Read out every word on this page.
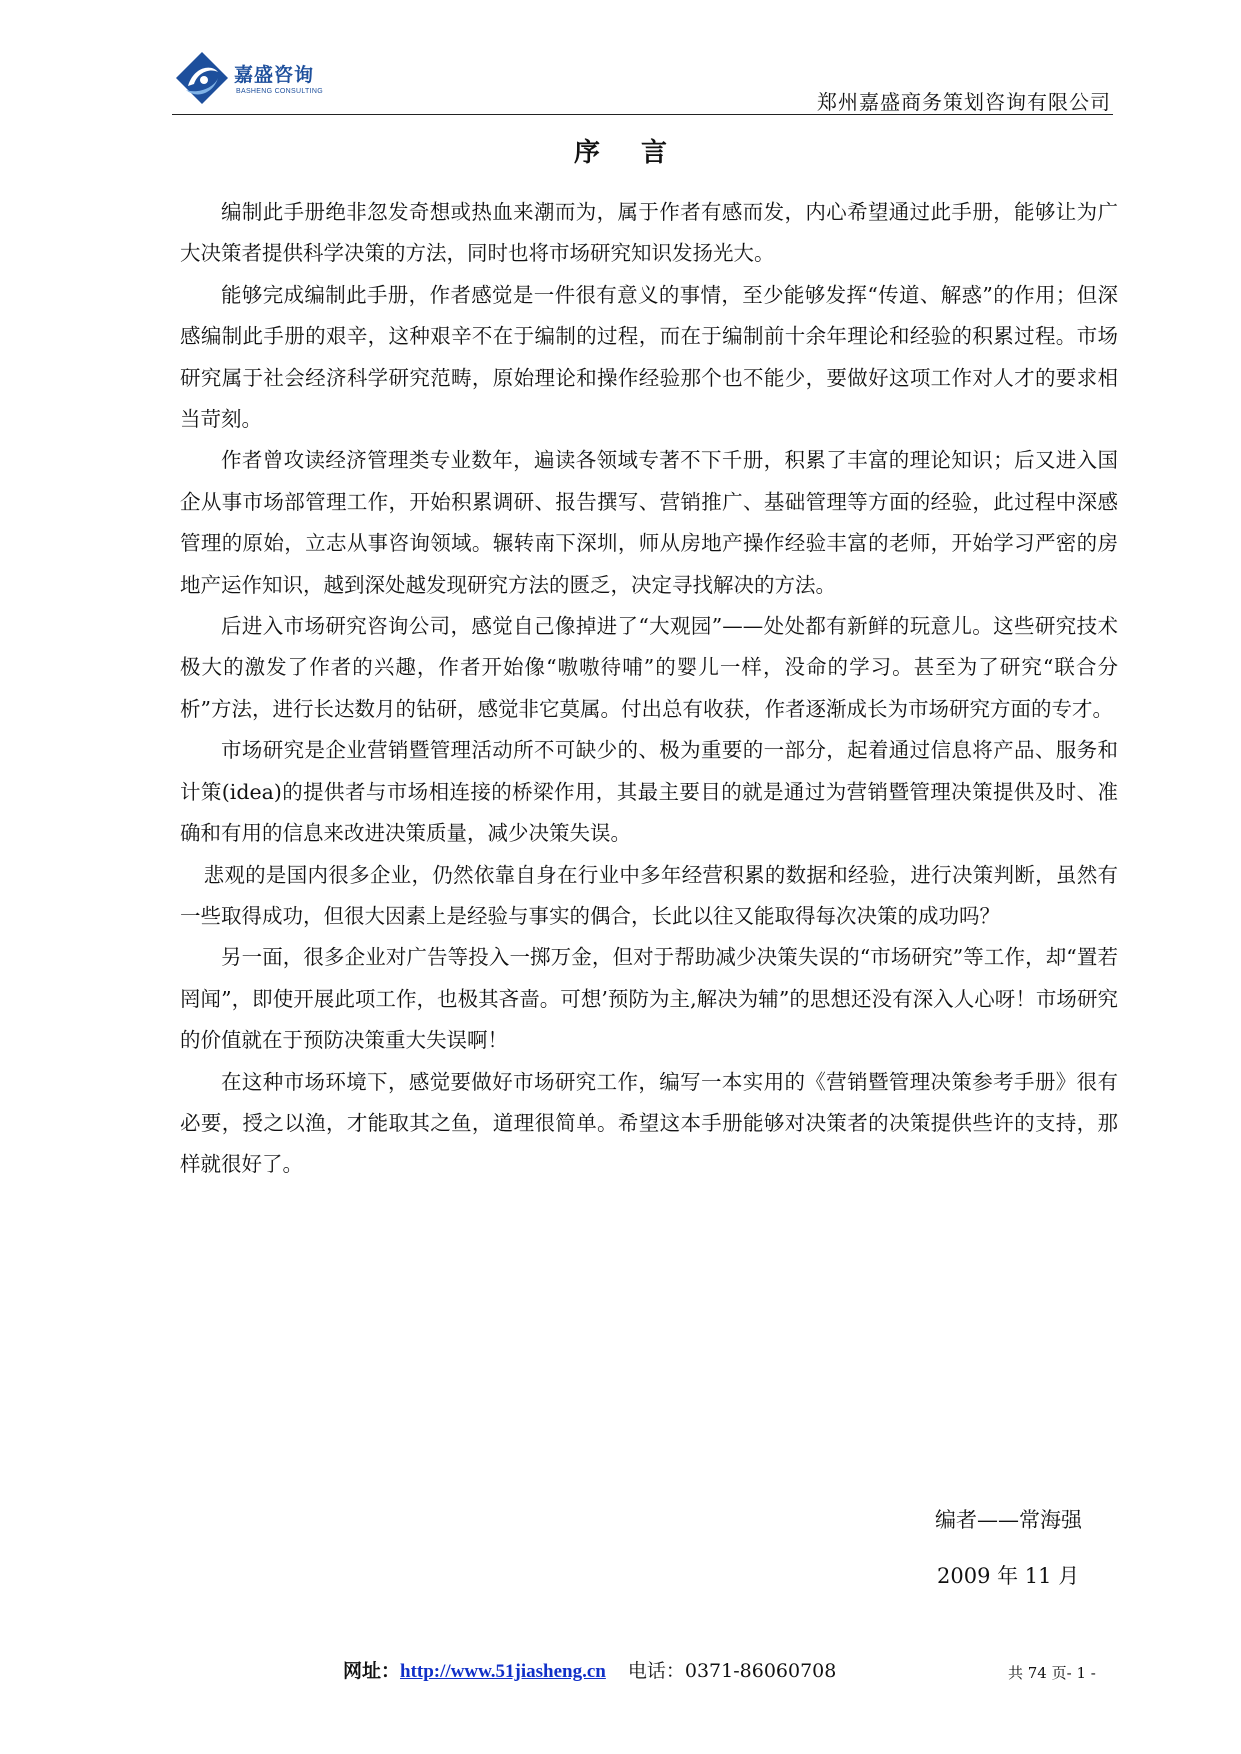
嘉盛咨询
BASHENG CONSULTING	郑州嘉盛商务策划咨询有限公司
序 言

编制此手册绝非忽发奇想或热血来潮而为，属于作者有感而发，内心希望通过此手册，能够让为广大决策者提供科学决策的方法，同时也将市场研究知识发扬光大。

能够完成编制此手册，作者感觉是一件很有意义的事情，至少能够发挥“传道、解惑”的作用；但深感编制此手册的艰辛，这种艰辛不在于编制的过程，而在于编制前十余年理论和经验的积累过程。市场研究属于社会经济科学研究范畴，原始理论和操作经验那个也不能少，要做好这项工作对人才的要求相当苛刻。

作者曾攻读经济管理类专业数年，遍读各领域专著不下千册，积累了丰富的理论知识；后又进入国企从事市场部管理工作，开始积累调研、报告撰写、营销推广、基础管理等方面的经验，此过程中深感管理的原始，立志从事咨询领域。辗转南下深圳，师从房地产操作经验丰富的老师，开始学习严密的房地产运作知识，越到深处越发现研究方法的匮乏，决定寻找解决的方法。

后进入市场研究咨询公司，感觉自己像掉进了“大观园”——处处都有新鲜的玩意儿。这些研究技术极大的激发了作者的兴趣，作者开始像“嗷嗷待哺”的婴儿一样，没命的学习。甚至为了研究“联合分析”方法，进行长达数月的钻研，感觉非它莫属。付出总有收获，作者逐渐成长为市场研究方面的专才。

市场研究是企业营销暨管理活动所不可缺少的、极为重要的一部分，起着通过信息将产品、服务和计策(idea)的提供者与市场相连接的桥梁作用，其最主要目的就是通过为营销暨管理决策提供及时、准确和有用的信息来改进决策质量，减少决策失误。

悲观的是国内很多企业，仍然依靠自身在行业中多年经营积累的数据和经验，进行决策判断，虽然有一些取得成功，但很大因素上是经验与事实的偶合，长此以往又能取得每次决策的成功吗？

另一面，很多企业对广告等投入一掷万金，但对于帮助减少决策失误的“市场研究”等工作，却“置若罔闻”，即使开展此项工作，也极其吝啬。可想’预防为主,解决为辅”的思想还没有深入人心呀！市场研究的价值就在于预防决策重大失误啊！

在这种市场环境下，感觉要做好市场研究工作，编写一本实用的《营销暨管理决策参考手册》很有必要，授之以渔，才能取其之鱼，道理很简单。希望这本手册能够对决策者的决策提供些许的支持，那样就很好了。

编者——常海强
2009 年 11 月
网址：http://www.51jiasheng.cn 电话：0371-86060708	共 74 页- 1 -
